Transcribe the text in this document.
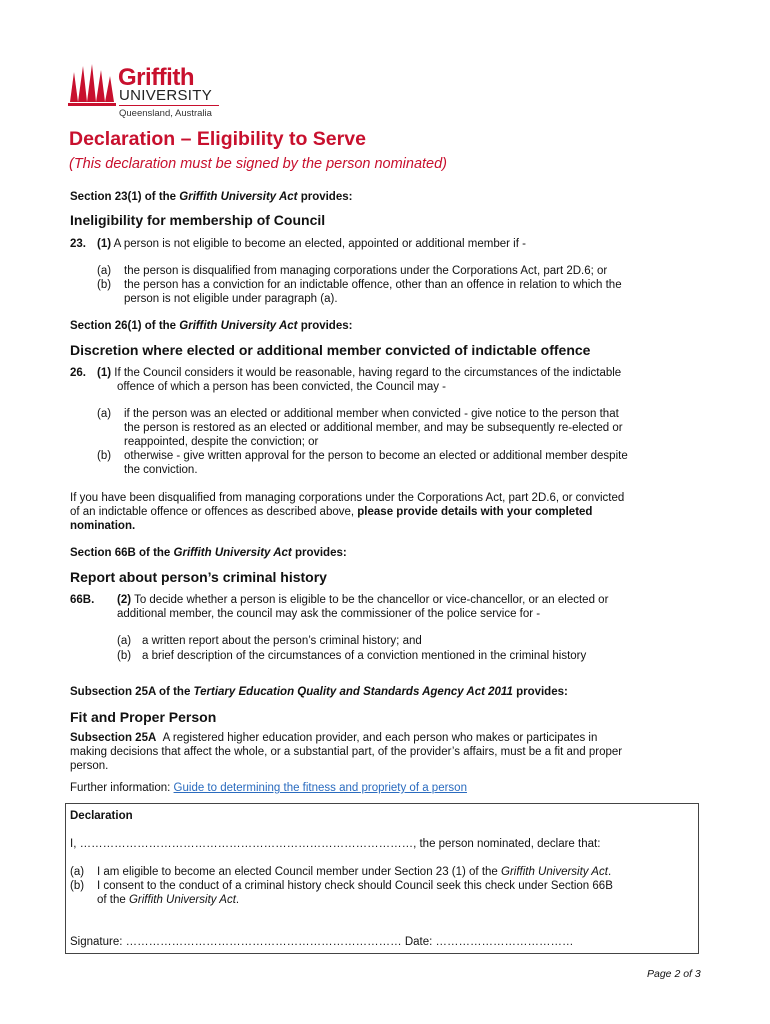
Griffith
UNIVERSITY
Queensland, Australia
Declaration – Eligibility to Serve
(This declaration must be signed by the person nominated)
Section 23(1) of the Griffith University Act provides:
Ineligibility for membership of Council
23. (1) A person is not eligible to become an elected, appointed or additional member if -
(a) the person is disqualified from managing corporations under the Corporations Act, part 2D.6; or
(b) the person has a conviction for an indictable offence, other than an offence in relation to which the
person is not eligible under paragraph (a).
Section 26(1) of the Griffith University Act provides:
Discretion where elected or additional member convicted of indictable offence
26. (1) If the Council considers it would be reasonable, having regard to the circumstances of the indictable
offence of which a person has been convicted, the Council may -
(a) if the person was an elected or additional member when convicted - give notice to the person that
the person is restored as an elected or additional member, and may be subsequently re-elected or
reappointed, despite the conviction; or
(b) otherwise - give written approval for the person to become an elected or additional member despite
the conviction.
If you have been disqualified from managing corporations under the Corporations Act, part 2D.6, or convicted
of an indictable offence or offences as described above, please provide details with your completed
nomination.
Section 66B of the Griffith University Act provides:
Report about person’s criminal history
66B. (2) To decide whether a person is eligible to be the chancellor or vice-chancellor, or an elected or
additional member, the council may ask the commissioner of the police service for -
(a) a written report about the person’s criminal history; and
(b) a brief description of the circumstances of a conviction mentioned in the criminal history
Subsection 25A of the Tertiary Education Quality and Standards Agency Act 2011 provides:
Fit and Proper Person
Subsection 25A A registered higher education provider, and each person who makes or participates in
making decisions that affect the whole, or a substantial part, of the provider’s affairs, must be a fit and proper
person.
Further information: Guide to determining the fitness and propriety of a person
Declaration
I, ……………………………………………………………………………, the person nominated, declare that:
(a) I am eligible to become an elected Council member under Section 23 (1) of the Griffith University Act.
(b) I consent to the conduct of a criminal history check should Council seek this check under Section 66B
of the Griffith University Act.
Signature: ……………………………………………………………… Date: ………………………………
Page 2 of 3
